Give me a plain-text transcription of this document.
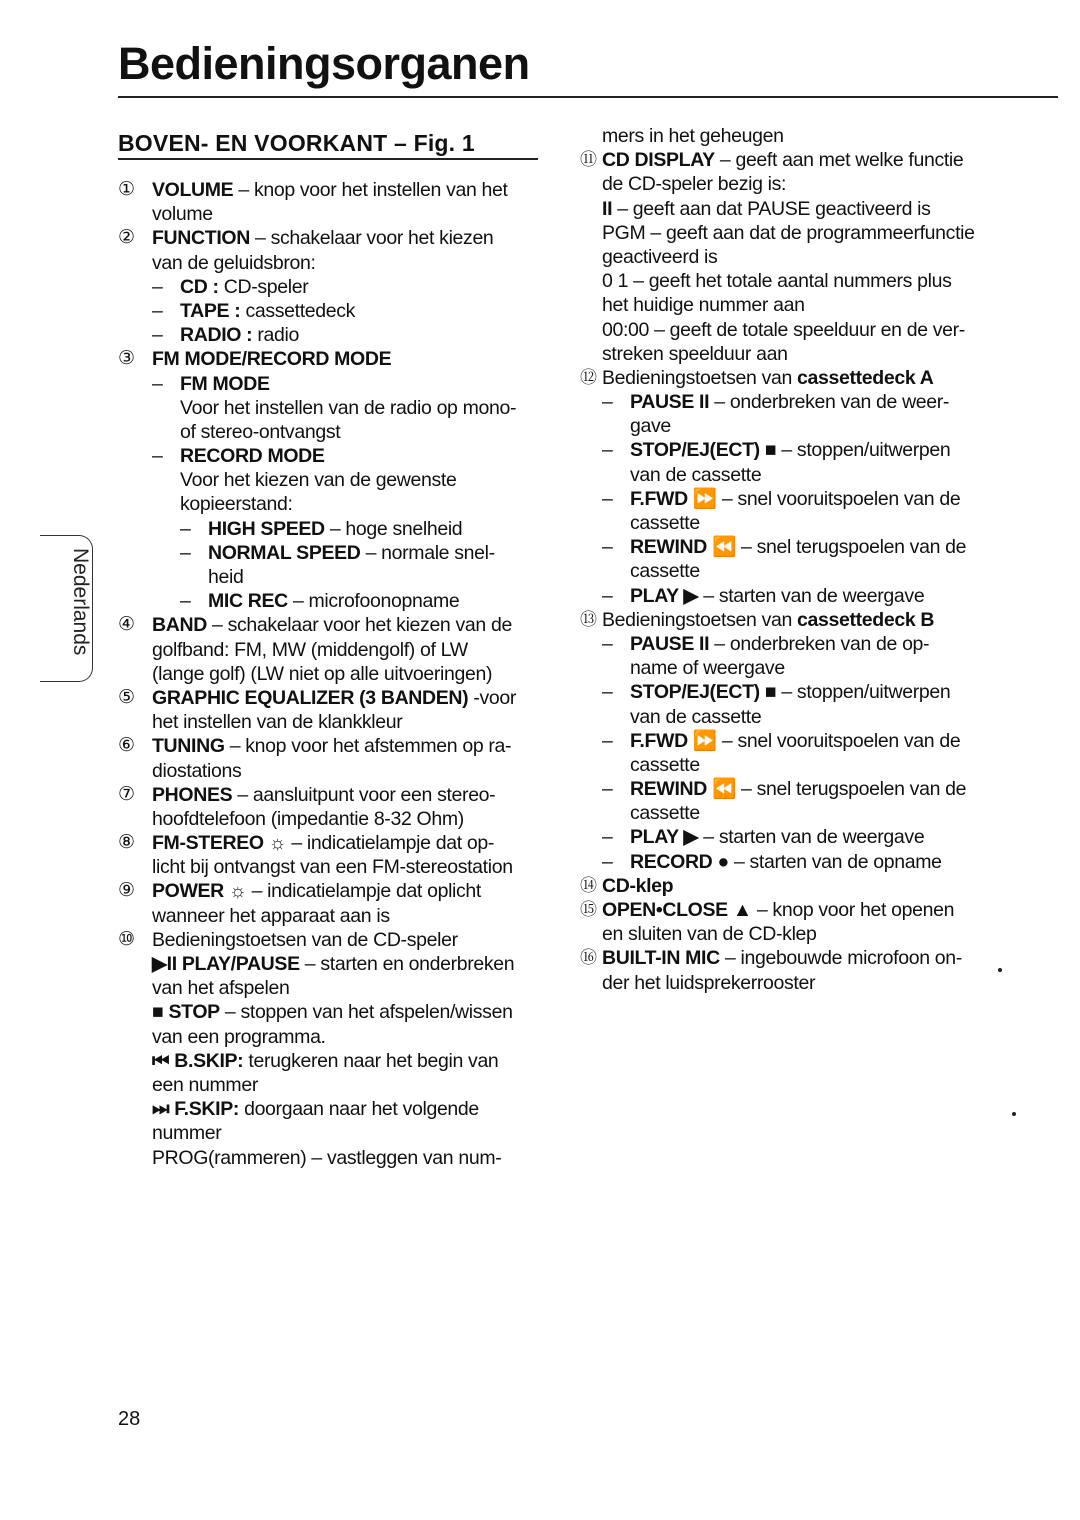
Bedieningsorganen
BOVEN- EN VOORKANT – Fig. 1
① VOLUME – knop voor het instellen van het
volume
② FUNCTION – schakelaar voor het kiezen
van de geluidsbron:
– CD : CD-speler
– TAPE : cassettedeck
– RADIO : radio
③ FM MODE/RECORD MODE
– FM MODE
Voor het instellen van de radio op mono-
of stereo-ontvangst
– RECORD MODE
Voor het kiezen van de gewenste
kopieerstand:
– HIGH SPEED – hoge snelheid
– NORMAL SPEED – normale snel-
heid
– MIC REC – microfoonopname
④ BAND – schakelaar voor het kiezen van de
golfband: FM, MW (middengolf) of LW
(lange golf) (LW niet op alle uitvoeringen)
⑤ GRAPHIC EQUALIZER (3 BANDEN) -voor
het instellen van de klankkleur
⑥ TUNING – knop voor het afstemmen op ra-
diostations
⑦ PHONES – aansluitpunt voor een stereo-
hoofdtelefoon (impedantie 8-32 Ohm)
⑧ FM-STEREO ☼ – indicatielampje dat op-
licht bij ontvangst van een FM-stereostation
⑨ POWER ☼ – indicatielampje dat oplicht
wanneer het apparaat aan is
⑩ Bedieningstoetsen van de CD-speler
▶II PLAY/PAUSE – starten en onderbreken
van het afspelen
■ STOP – stoppen van het afspelen/wissen
van een programma.
⏮ B.SKIP: terugkeren naar het begin van
een nummer
⏭ F.SKIP: doorgaan naar het volgende
nummer
PROG(rammeren) – vastleggen van num-
mers in het geheugen
⑪ CD DISPLAY – geeft aan met welke functie
de CD-speler bezig is:
II – geeft aan dat PAUSE geactiveerd is
PGM – geeft aan dat de programmeerfunctie
geactiveerd is
0 1 – geeft het totale aantal nummers plus
het huidige nummer aan
00:00 – geeft de totale speelduur en de ver-
streken speelduur aan
⑫ Bedieningstoetsen van cassettedeck A
– PAUSE II – onderbreken van de weer-
gave
– STOP/EJ(ECT) ■ – stoppen/uitwerpen
van de cassette
– F.FWD ⏩ – snel vooruitspoelen van de
cassette
– REWIND ⏪ – snel terugspoelen van de
cassette
– PLAY ▶ – starten van de weergave
⑬ Bedieningstoetsen van cassettedeck B
– PAUSE II – onderbreken van de op-
name of weergave
– STOP/EJ(ECT) ■ – stoppen/uitwerpen
van de cassette
– F.FWD ⏩ – snel vooruitspoelen van de
cassette
– REWIND ⏪ – snel terugspoelen van de
cassette
– PLAY ▶ – starten van de weergave
– RECORD ● – starten van de opname
⑭ CD-klep
⑮ OPEN•CLOSE ▲ – knop voor het openen
en sluiten van de CD-klep
⑯ BUILT-IN MIC – ingebouwde microfoon on-
der het luidsprekerrooster
Nederlands
28
